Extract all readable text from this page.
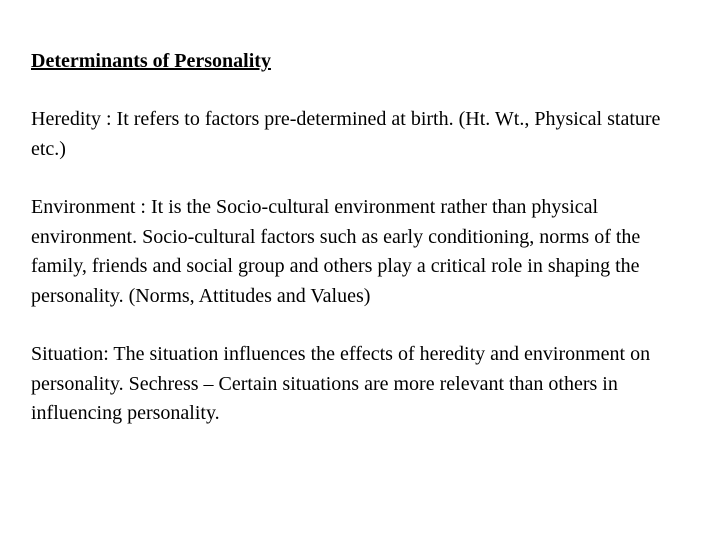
Determinants of Personality

Heredity : It refers to factors pre-determined at birth. (Ht. Wt., Physical stature etc.)

Environment : It is the Socio-cultural environment rather than physical environment. Socio-cultural factors such as early conditioning, norms of the family, friends and social group and others play a critical role in shaping the personality. (Norms, Attitudes and Values)

Situation: The situation influences the effects of heredity and environment on personality. Sechress – Certain situations are more relevant than others in influencing personality.
